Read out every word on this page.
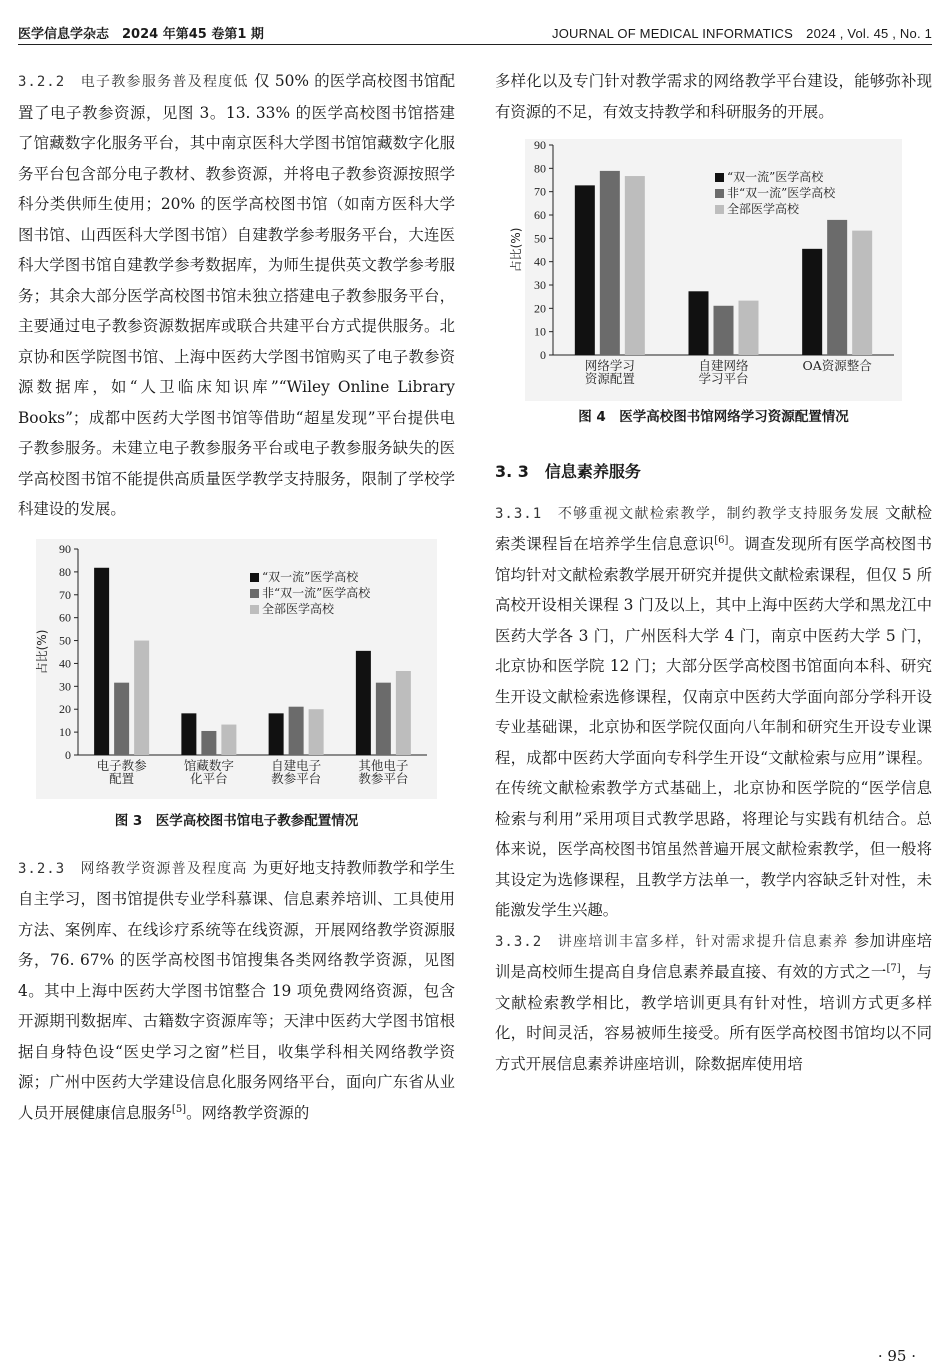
医学信息学杂志　2024 年第45 卷第1 期	JOURNAL OF MEDICAL INFORMATICS　2024 , Vol. 45 , No. 1

3.2.2　电子教参服务普及程度低 仅 50% 的医学高校图书馆配置了电子教参资源，见图 3。13. 33% 的医学高校图书馆搭建了馆藏数字化服务平台，其中南京医科大学图书馆馆藏数字化服务平台包含部分电子教材、教参资源，并将电子教参资源按照学科分类供师生使用；20% 的医学高校图书馆（如南方医科大学图书馆、山西医科大学图书馆）自建教学参考服务平台，大连医科大学图书馆自建教学参考数据库，为师生提供英文教学参考服务；其余大部分医学高校图书馆未独立搭建电子教参服务平台，主要通过电子教参资源数据库或联合共建平台方式提供服务。北京协和医学院图书馆、上海中医药大学图书馆购买了电子教参资源数据库，如“人卫临床知识库”“Wiley Online Library Books”；成都中医药大学图书馆等借助“超星发现”平台提供电子教参服务。未建立电子教参服务平台或电子教参服务缺失的医学高校图书馆不能提供高质量医学教学支持服务，限制了学校学科建设的发展。

0
10
20
30
40
50
60
70
80
90
占比(%)
电子教参
配置
馆藏数字
化平台
自建电子
教参平台
其他电子
教参平台
“双一流”医学高校
非“双一流”医学高校
全部医学高校
图 3　医学高校图书馆电子教参配置情况

3.2.3　网络教学资源普及程度高 为更好地支持教师教学和学生自主学习，图书馆提供专业学科慕课、信息素养培训、工具使用方法、案例库、在线诊疗系统等在线资源，开展网络教学资源服务，76. 67% 的医学高校图书馆搜集各类网络教学资源，见图 4。其中上海中医药大学图书馆整合 19 项免费网络资源，包含开源期刊数据库、古籍数字资源库等；天津中医药大学图书馆根据自身特色设“医史学习之窗”栏目，收集学科相关网络教学资源；广州中医药大学建设信息化服务网络平台，面向广东省从业人员开展健康信息服务[5]。网络教学资源的

多样化以及专门针对教学需求的网络教学平台建设，能够弥补现有资源的不足，有效支持教学和科研服务的开展。

0
10
20
30
40
50
60
70
80
90
占比(%)
网络学习
资源配置
自建网络
学习平台
OA资源整合
“双一流”医学高校
非“双一流”医学高校
全部医学高校
图 4　医学高校图书馆网络学习资源配置情况

3. 3　信息素养服务

3.3.1　不够重视文献检索教学，制约教学支持服务发展 文献检索类课程旨在培养学生信息意识[6]。调查发现所有医学高校图书馆均针对文献检索教学展开研究并提供文献检索课程，但仅 5 所高校开设相关课程 3 门及以上，其中上海中医药大学和黑龙江中医药大学各 3 门，广州医科大学 4 门，南京中医药大学 5 门，北京协和医学院 12 门；大部分医学高校图书馆面向本科、研究生开设文献检索选修课程，仅南京中医药大学面向部分学科开设专业基础课，北京协和医学院仅面向八年制和研究生开设专业课程，成都中医药大学面向专科学生开设“文献检索与应用”课程。在传统文献检索教学方式基础上，北京协和医学院的“医学信息检索与利用”采用项目式教学思路，将理论与实践有机结合。总体来说，医学高校图书馆虽然普遍开展文献检索教学，但一般将其设定为选修课程，且教学方法单一，教学内容缺乏针对性，未能激发学生兴趣。

3.3.2　讲座培训丰富多样，针对需求提升信息素养 参加讲座培训是高校师生提高自身信息素养最直接、有效的方式之一[7]，与文献检索教学相比，教学培训更具有针对性，培训方式更多样化，时间灵活，容易被师生接受。所有医学高校图书馆均以不同方式开展信息素养讲座培训，除数据库使用培

· 95 ·
